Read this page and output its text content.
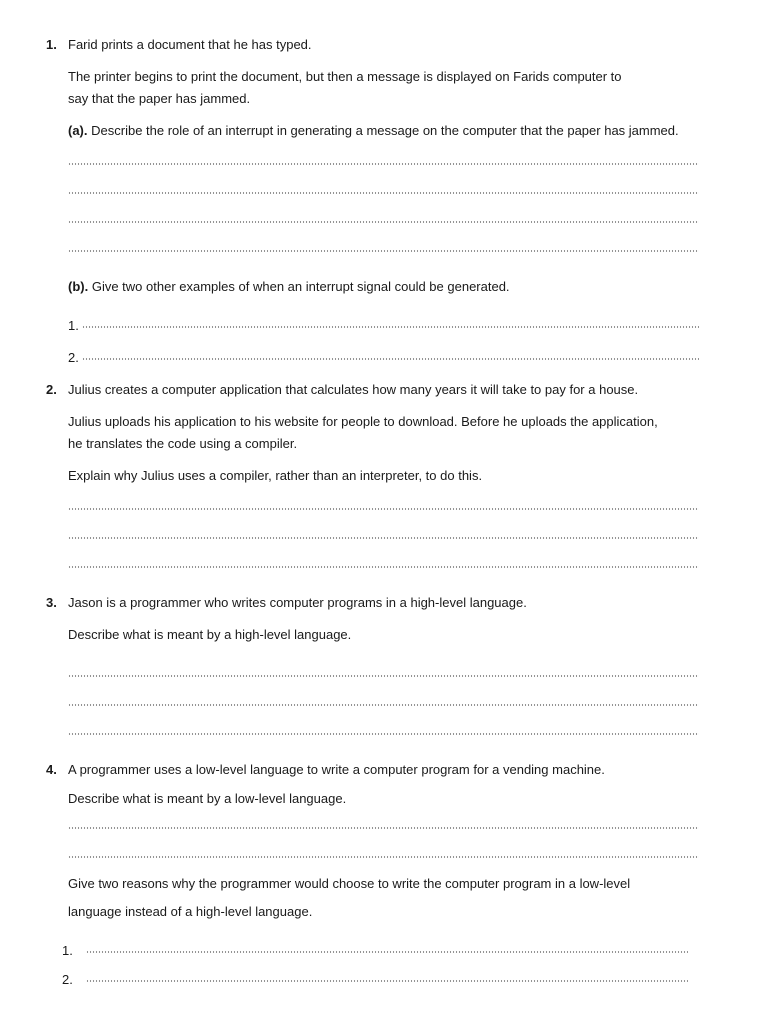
1. Farid prints a document that he has typed.
The printer begins to print the document, but then a message is displayed on Farids computer to
say that the paper has jammed.
(a). Describe the role of an interrupt in generating a message on the computer that the paper has jammed.
(b). Give two other examples of when an interrupt signal could be generated.
1.
2.
2. Julius creates a computer application that calculates how many years it will take to pay for a house.
Julius uploads his application to his website for people to download. Before he uploads the application,
he translates the code using a compiler.
Explain why Julius uses a compiler, rather than an interpreter, to do this.
3. Jason is a programmer who writes computer programs in a high-level language.
Describe what is meant by a high-level language.
4. A programmer uses a low-level language to write a computer program for a vending machine.
Describe what is meant by a low-level language.
Give two reasons why the programmer would choose to write the computer program in a low-level
language instead of a high-level language.
1.
2.
